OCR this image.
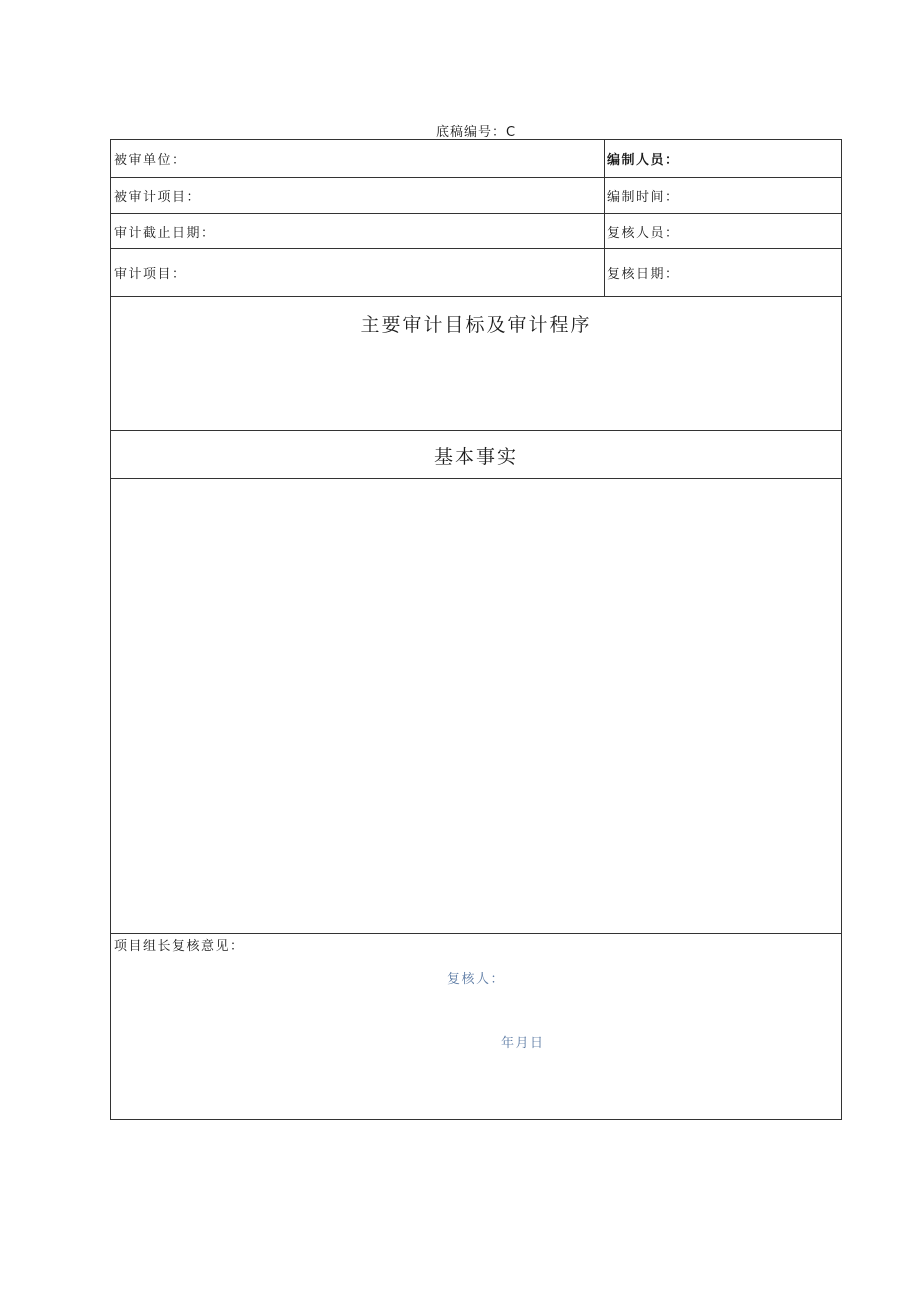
底稿编号：C
被审单位：	编制人员：
被审计项目：	编制时间：
审计截止日期：	复核人员：
审计项目：	复核日期：
主要审计目标及审计程序
基本事实
项目组长复核意见：
复核人：
年月日
